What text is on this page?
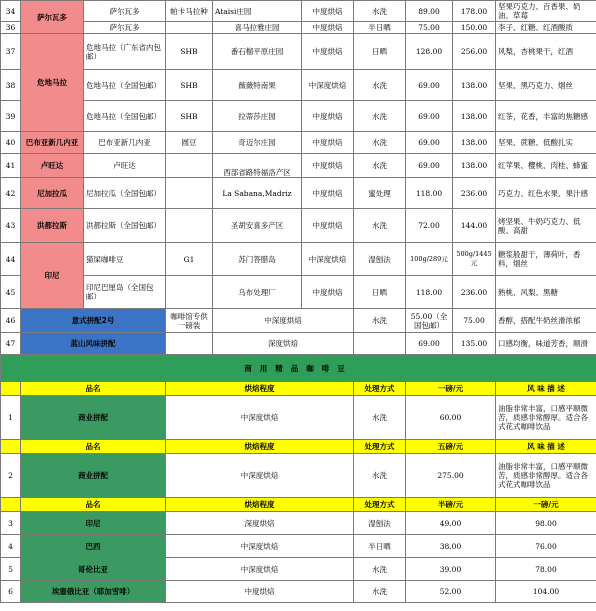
34	萨尔瓦多	萨尔瓦多	帕卡马拉种	Ataisi庄园	中度烘焙	水洗	89.00	178.00	坚果巧克力、百香果、奶油、草莓
36		萨尔瓦多		喜马拉雅庄园	中度烘焙	半日晒	75.00	150.00	李子、红糖、红酒酸质
37	危地马拉	危地马拉（广东省内包邮）	SHB	番石榴平原庄园	中度烘焙	日晒	128.00	256.00	风梨，杏桃果干，红酒
38		危地马拉（全国包邮）	SHB	薇薇特南果	中深度烘焙	水洗	69.00	138.00	坚果、黑巧克力、烟丝
39		危地马拉（全国包邮）	SHB	拉蒂莎庄园	中度烘焙	水洗	69.00	138.00	红茶，花香，丰富的焦糖感
40	巴布亚新几内亚	巴布亚新几内亚	圆豆	奇迈尔庄园	中度烘焙	水洗	69.00	138.00	坚果、蔗糖、低酸扎实
41	卢旺达	卢旺达		西部省路特福洛产区	中度烘焙	水洗	69.00	138.00	红苹果、樱桃、肉桂、蜂蜜
42	尼加拉瓜	尼加拉瓜（全国包邮）		La Sabana,Madriz	中度烘焙	蜜处理	118.00	236.00	巧克力、红色水果、果汁感
43	洪都拉斯	洪都拉斯（全国包邮）		圣胡安喜多产区	中度烘焙	水洗	72.00	144.00	烤坚果、牛奶巧克力、低酸、高甜
44	印尼	猫屎咖啡豆	G1	苏门答腊岛	中深度烘焙	湿刨法	100g/289元	500g/1445元	糖浆般甜于，薄荷叶，香料，烟丝
45		印尼巴厘岛（全国包邮）		乌布处理厂	中度烘焙	日晒	118.00	236.00	熟桃、风梨、黑糖
46	意式拼配2号		咖啡馆专供一磅装	中深度烘焙		水洗	55.00（全国包邮）	75.00	香醇，搭配牛奶丝滑浓郁
47	蓝山风味拼配			深度烘焙			69.00	135.00	口感均衡，味道芳香，顺滑
商用精品咖啡豆									
	品名		烘焙程度			处理方式	一磅/元		风 味 描 述
1	商业拼配		中深度烘焙			水洗	60.00		油脂非常丰富，口感平顺微苦，质感非常醇厚。适合各式花式咖啡饮品
	品名		烘焙程度			处理方式	五磅/元		风 味 描 述
2	商业拼配		中深度烘焙			水洗	275.00		油脂非常丰富，口感平顺微苦，质感非常醇厚。适合各式花式咖啡饮品
	品名		烘焙程度			处理方式	半磅/元		一磅/元
3	印尼		深度烘焙			湿刨法	49.00		98.00
4	巴西		中深度烘焙			半日晒	38.00		76.00
5	哥伦比亚		中深度烘焙			水洗	39.00		78.00
6	埃塞俄比亚（耶加雪啡）		中度烘焙			水洗	52.00		104.00
